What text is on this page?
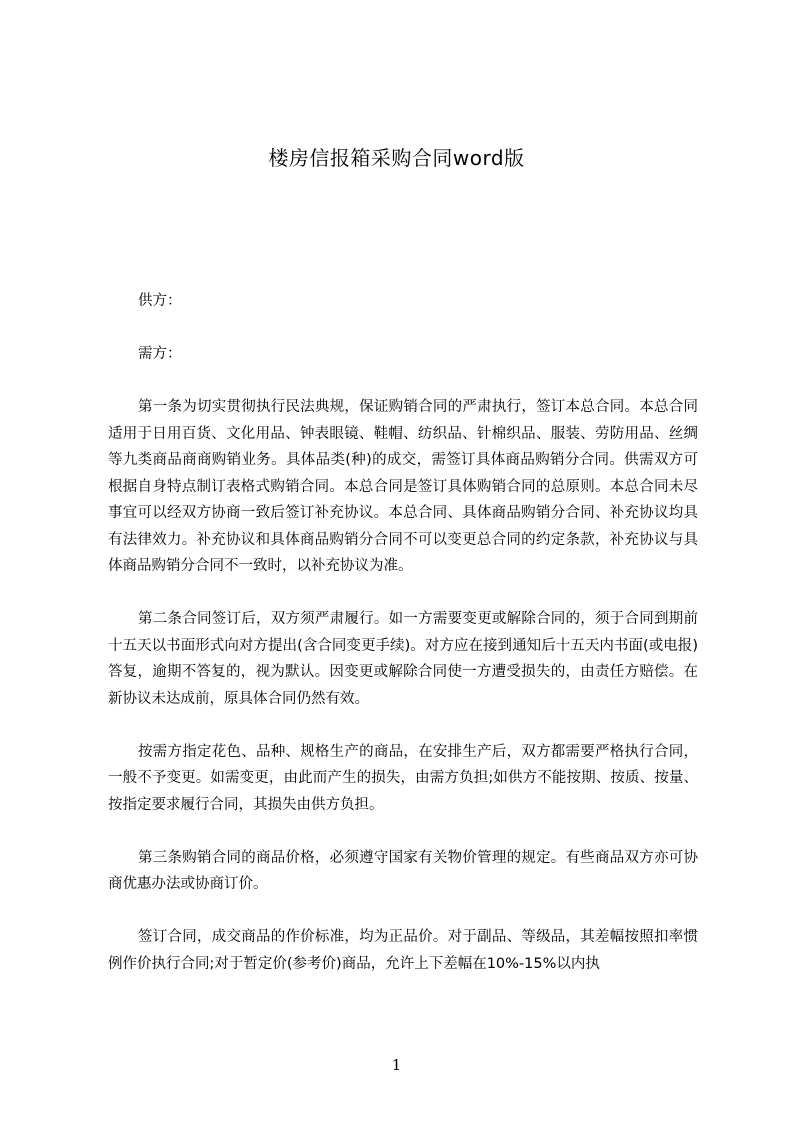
楼房信报箱采购合同word版

供方：

需方：

第一条为切实贯彻执行民法典规，保证购销合同的严肃执行，签订本总合同。本总合同适用于日用百货、文化用品、钟表眼镜、鞋帽、纺织品、针棉织品、服装、劳防用品、丝绸等九类商品商商购销业务。具体品类(种)的成交，需签订具体商品购销分合同。供需双方可根据自身特点制订表格式购销合同。本总合同是签订具体购销合同的总原则。本总合同未尽事宜可以经双方协商一致后签订补充协议。本总合同、具体商品购销分合同、补充协议均具有法律效力。补充协议和具体商品购销分合同不可以变更总合同的约定条款，补充协议与具体商品购销分合同不一致时，以补充协议为准。

第二条合同签订后，双方须严肃履行。如一方需要变更或解除合同的，须于合同到期前十五天以书面形式向对方提出(含合同变更手续)。对方应在接到通知后十五天内书面(或电报)答复，逾期不答复的，视为默认。因变更或解除合同使一方遭受损失的，由责任方赔偿。在新协议未达成前，原具体合同仍然有效。

按需方指定花色、品种、规格生产的商品，在安排生产后，双方都需要严格执行合同，一般不予变更。如需变更，由此而产生的损失，由需方负担;如供方不能按期、按质、按量、按指定要求履行合同，其损失由供方负担。

第三条购销合同的商品价格，必须遵守国家有关物价管理的规定。有些商品双方亦可协商优惠办法或协商订价。

签订合同，成交商品的作价标准，均为正品价。对于副品、等级品，其差幅按照扣率惯例作价执行合同;对于暂定价(参考价)商品，允许上下差幅在10%-15%以内执

1
